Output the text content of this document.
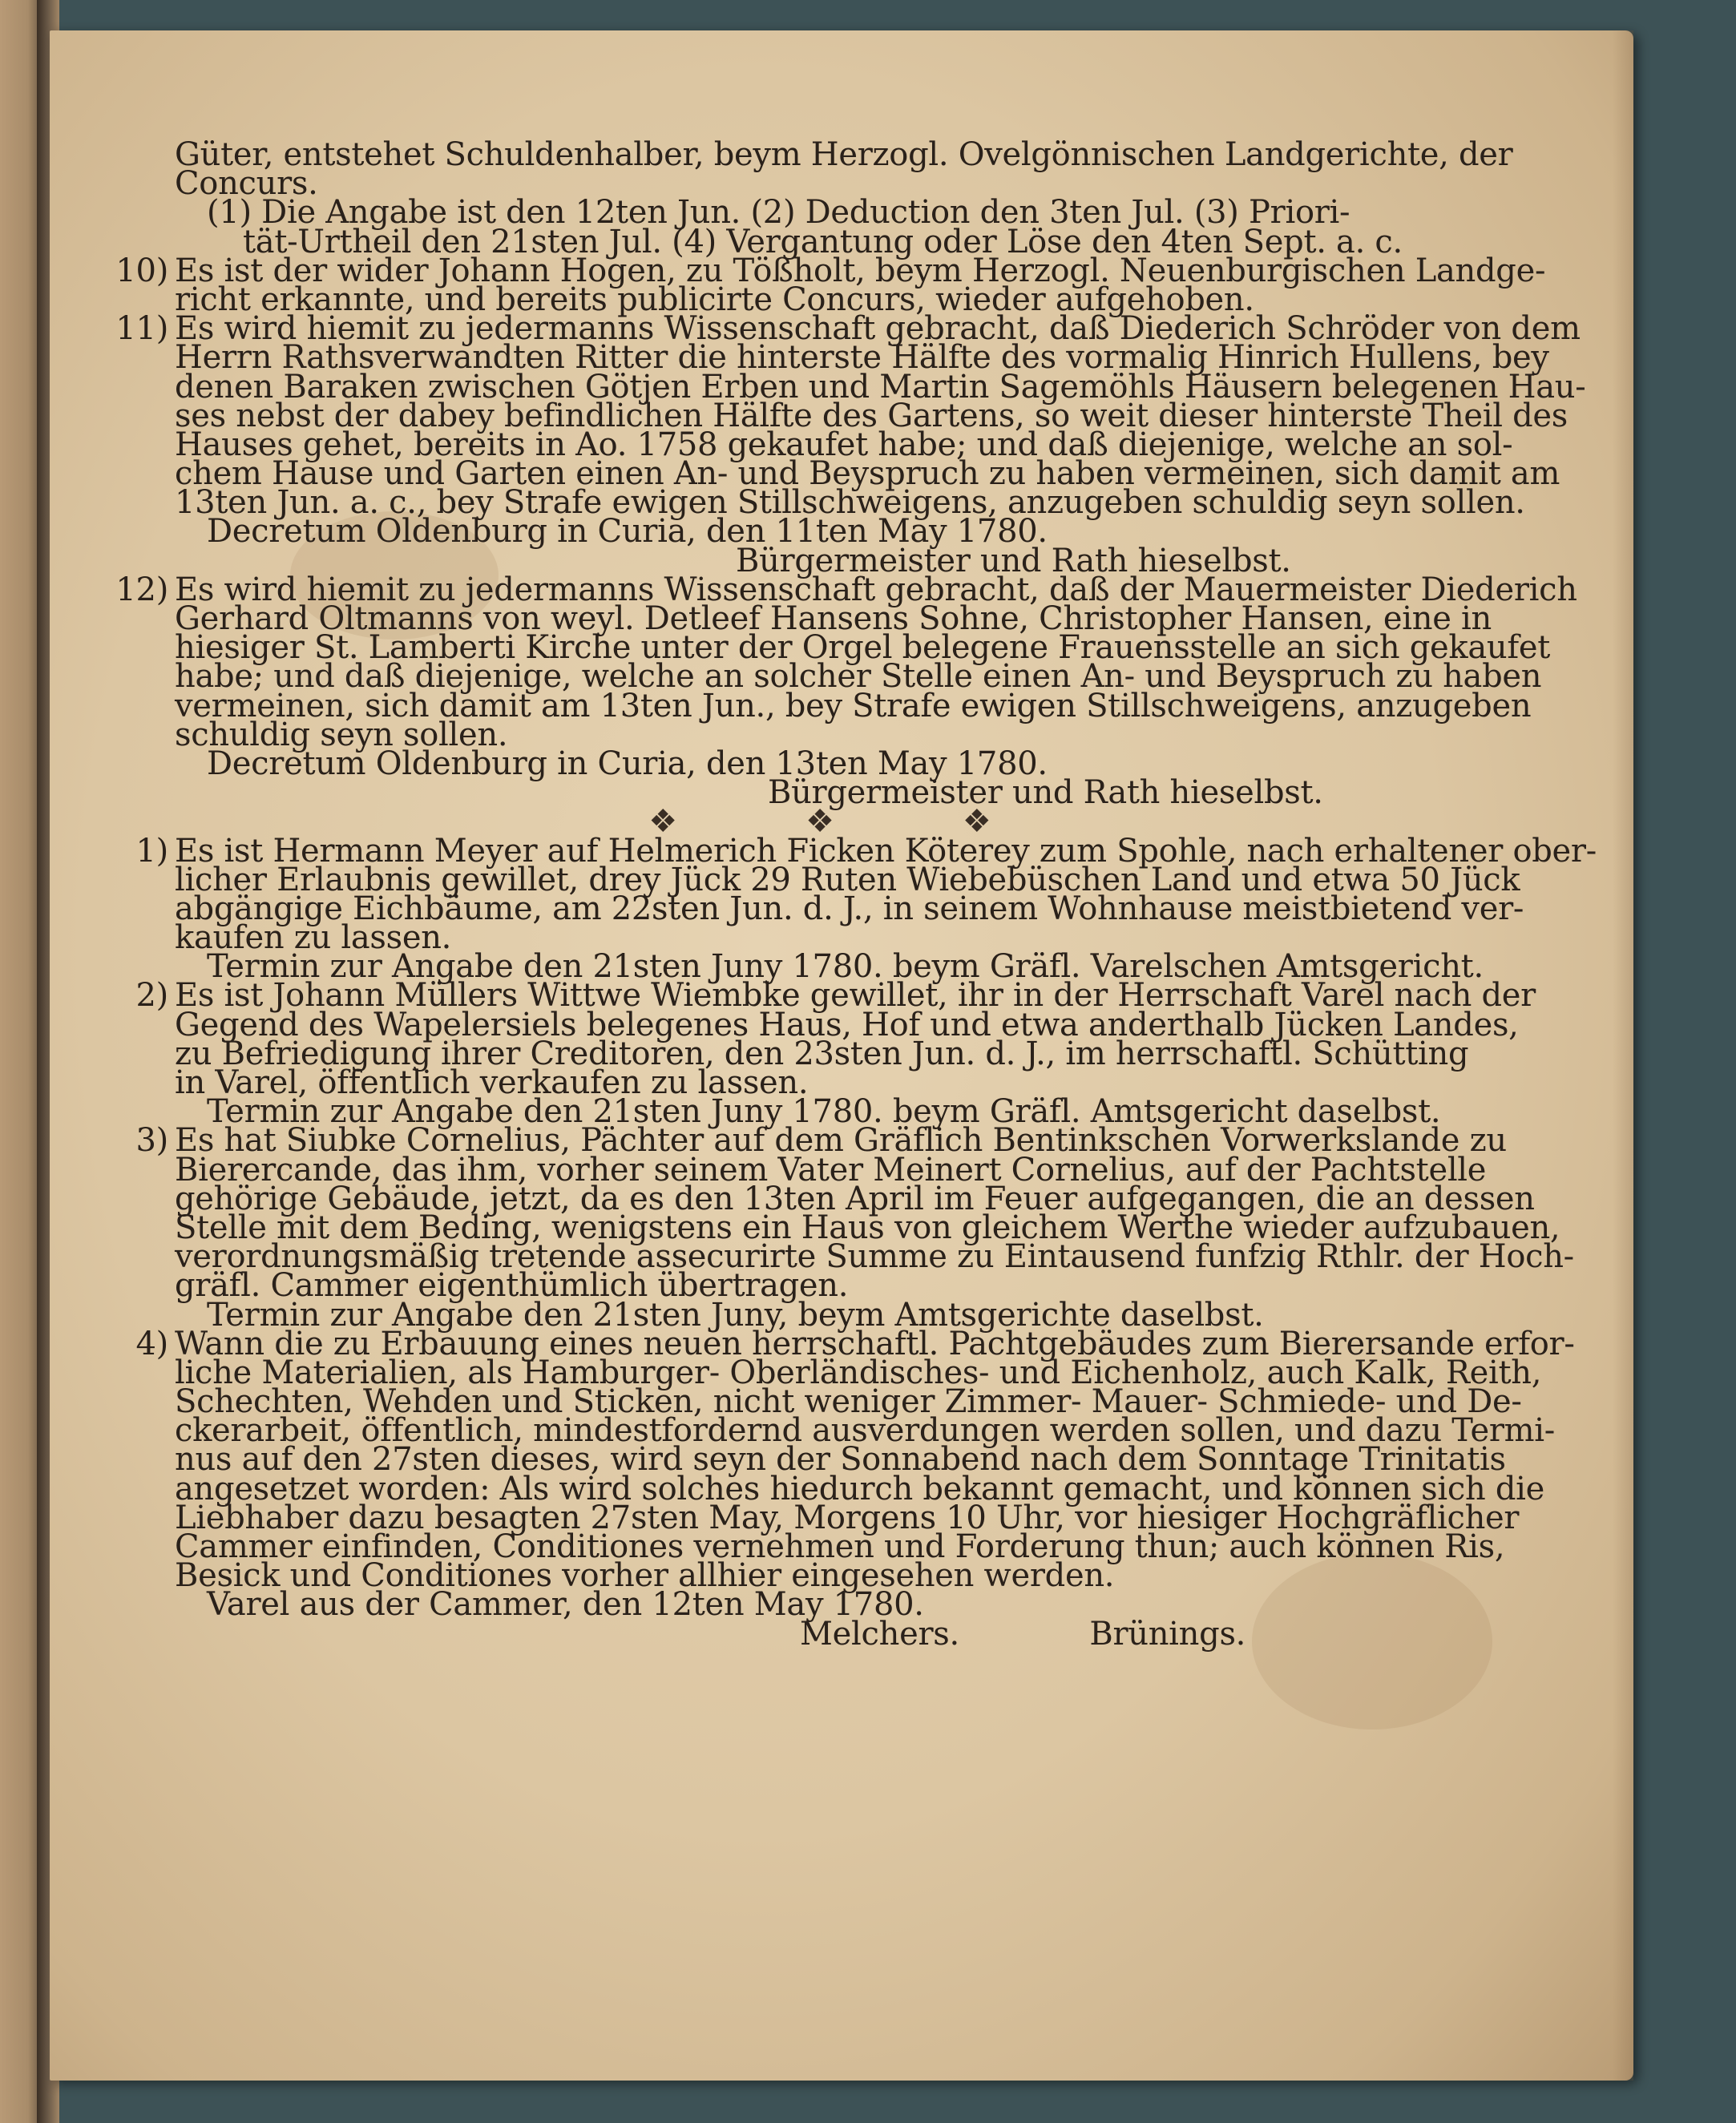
Güter, entstehet Schuldenhalber, beym Herzogl. Ovelgönnischen Landgerichte, der
Concurs.
(1) Die Angabe ist den 12ten Jun. (2) Deduction den 3ten Jul. (3) Priori-
tät-Urtheil den 21sten Jul. (4) Vergantung oder Löse den 4ten Sept. a. c.
10) Es ist der wider Johann Hogen, zu Tößholt, beym Herzogl. Neuenburgischen Landge-
richt erkannte, und bereits publicirte Concurs, wieder aufgehoben.
11) Es wird hiemit zu jedermanns Wissenschaft gebracht, daß Diederich Schröder von dem
Herrn Rathsverwandten Ritter die hinterste Hälfte des vormalig Hinrich Hullens, bey
denen Baraken zwischen Götjen Erben und Martin Sagemöhls Häusern belegenen Hau-
ses nebst der dabey befindlichen Hälfte des Gartens, so weit dieser hinterste Theil des
Hauses gehet, bereits in Ao. 1758 gekaufet habe; und daß diejenige, welche an sol-
chem Hause und Garten einen An- und Beyspruch zu haben vermeinen, sich damit am
13ten Jun. a. c., bey Strafe ewigen Stillschweigens, anzugeben schuldig seyn sollen.
Decretum Oldenburg in Curia, den 11ten May 1780.
Bürgermeister und Rath hieselbst.
12) Es wird hiemit zu jedermanns Wissenschaft gebracht, daß der Mauermeister Diederich
Gerhard Oltmanns von weyl. Detleef Hansens Sohne, Christopher Hansen, eine in
hiesiger St. Lamberti Kirche unter der Orgel belegene Frauensstelle an sich gekaufet
habe; und daß diejenige, welche an solcher Stelle einen An- und Beyspruch zu haben
vermeinen, sich damit am 13ten Jun., bey Strafe ewigen Stillschweigens, anzugeben
schuldig seyn sollen.
Decretum Oldenburg in Curia, den 13ten May 1780.
Bürgermeister und Rath hieselbst.
❖❖❖
1) Es ist Hermann Meyer auf Helmerich Ficken Köterey zum Spohle, nach erhaltener ober-
licher Erlaubnis gewillet, drey Jück 29 Ruten Wiebebüschen Land und etwa 50 Jück
abgängige Eichbäume, am 22sten Jun. d. J., in seinem Wohnhause meistbietend ver-
kaufen zu lassen.
Termin zur Angabe den 21sten Juny 1780. beym Gräfl. Varelschen Amtsgericht.
2) Es ist Johann Müllers Wittwe Wiembke gewillet, ihr in der Herrschaft Varel nach der
Gegend des Wapelersiels belegenes Haus, Hof und etwa anderthalb Jücken Landes,
zu Befriedigung ihrer Creditoren, den 23sten Jun. d. J., im herrschaftl. Schütting
in Varel, öffentlich verkaufen zu lassen.
Termin zur Angabe den 21sten Juny 1780. beym Gräfl. Amtsgericht daselbst.
3) Es hat Siubke Cornelius, Pächter auf dem Gräflich Bentinkschen Vorwerkslande zu
Biererсande, das ihm, vorher seinem Vater Meinert Cornelius, auf der Pachtstelle
gehörige Gebäude, jetzt, da es den 13ten April im Feuer aufgegangen, die an dessen
Stelle mit dem Beding, wenigstens ein Haus von gleichem Werthe wieder aufzubauen,
verordnungsmäßig tretende assecurirte Summe zu Eintausend funfzig Rthlr. der Hoch-
gräfl. Cammer eigenthümlich übertragen.
Termin zur Angabe den 21sten Juny, beym Amtsgerichte daselbst.
4) Wann die zu Erbauung eines neuen herrschaftl. Pachtgebäudes zum Bierersande erfor-
liche Materialien, als Hamburger- Oberländisches- und Eichenholz, auch Kalk, Reith,
Schechten, Wehden und Sticken, nicht weniger Zimmer- Mauer- Schmiede- und De-
ckerarbeit, öffentlich, mindestfordernd ausverdungen werden sollen, und dazu Termi-
nus auf den 27sten dieses, wird seyn der Sonnabend nach dem Sonntage Trinitatis
angesetzet worden: Als wird solches hiedurch bekannt gemacht, und können sich die
Liebhaber dazu besagten 27sten May, Morgens 10 Uhr, vor hiesiger Hochgräflicher
Cammer einfinden, Conditiones vernehmen und Forderung thun; auch können Ris,
Besick und Conditiones vorher allhier eingesehen werden.
Varel aus der Cammer, den 12ten May 1780.
Melchers.	Brünings.
